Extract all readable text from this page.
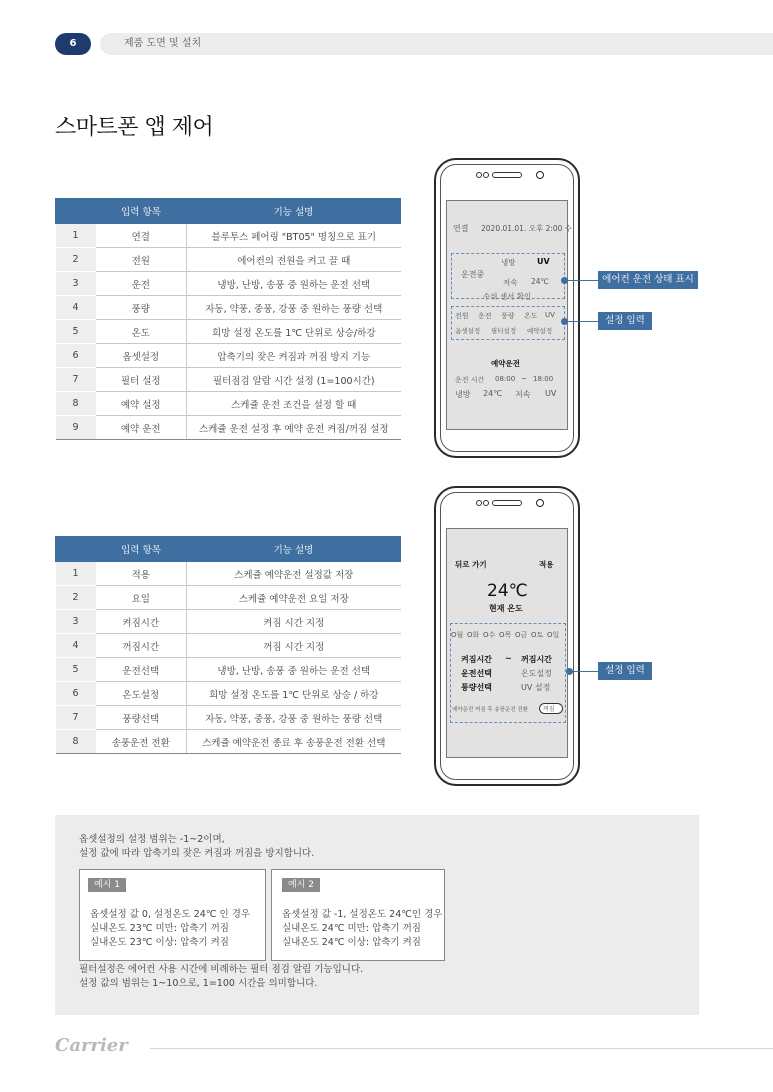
6	제품 도면 및 설치
스마트폰 앱 제어
	입력 항목	기능 설명
1	연결	블루투스 페어링 "BT05" 명칭으로 표기
2	전원	에어컨의 전원을 켜고 끌 때
3	운전	냉방, 난방, 송풍 중 원하는 운전 선택
4	풍량	자동, 약풍, 중풍, 강풍 중 원하는 풍량 선택
5	온도	희망 설정 온도를 1℃ 단위로 상승/하강
6	옵셋설정	압축기의 잦은 켜짐과 꺼짐 방지 기능
7	필터 설정	필터점검 알람 시간 설정 (1=100시간)
8	예약 설정	스케쥴 운전 조건을 설정 할 때
9	예약 운전	스케쥴 운전 설정 후 예약 운전 켜짐/꺼짐 설정
	입력 항목	기능 설명
1	적용	스케쥴 예약운전 설정값 저장
2	요일	스케쥴 예약운전 요일 저장
3	켜짐시간	켜짐 시간 지정
4	꺼짐시간	꺼짐 시간 지정
5	운전선택	냉방, 난방, 송풍 중 원하는 운전 선택
6	온도설정	희망 설정 온도를 1℃ 단위로 상승 / 하강
7	풍량선택	자동, 약풍, 중풍, 강풍 중 원하는 풍량 선택
8	송풍운전 전환	스케쥴 예약운전 종료 후 송풍운전 전환 선택
연결 2020.01.01. 오후 2:00 수
운전중
냉방	UV
저속 24℃
수위 센서 확인
전원 운전 풍량 온도 UV
옵셋설정 필터설정 예약설정
예약운전
운전 시간 08:00 ~ 18:00
냉방 24℃ 저속 UV
에어컨 운전 상태 표시
설정 입력
뒤로 가기	적용
24℃
현재 온도
O월 O화 O수 O목 O금 O토 O일
켜짐시간 ~ 꺼짐시간
운전선택	온도설정
풍량선택	UV 설정
예약운전 꺼짐 후 송풍운전 전환	꺼짐
설정 입력
옵셋설정의 설정 범위는 -1~2이며,
설정 값에 따라 압축기의 잦은 켜짐과 꺼짐을 방지합니다.
예시 1
옵셋설정 값 0, 설정온도 24℃ 인 경우
실내온도 23℃ 미만: 압축기 꺼짐
실내온도 23℃ 이상: 압축기 켜짐
예시 2
옵셋설정 값 -1, 설정온도 24℃인 경우
실내온도 24℃ 미만: 압축기 꺼짐
실내온도 24℃ 이상: 압축기 켜짐
필터설정은 에어컨 사용 시간에 비례하는 필터 점검 알림 기능입니다.
설정 값의 범위는 1~10으로, 1=100 시간을 의미합니다.
Carrier
